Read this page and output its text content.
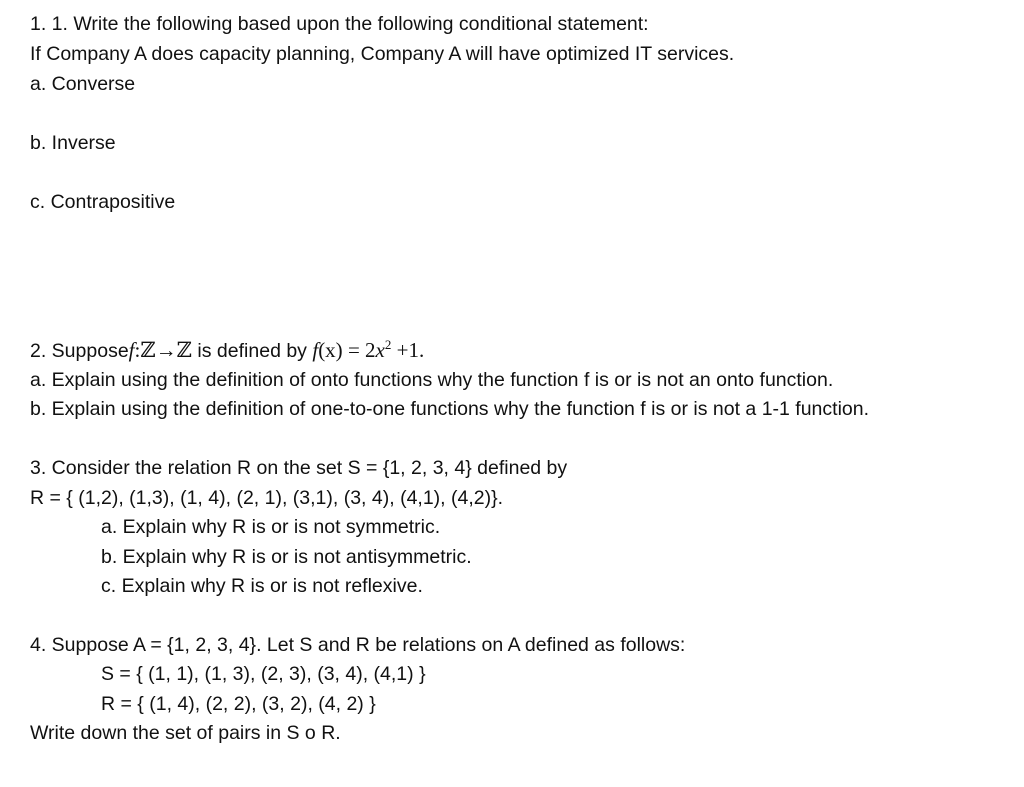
1. 1. Write the following based upon the following conditional statement:
If Company A does capacity planning, Company A will have optimized IT services.
a. Converse
b. Inverse
c. Contrapositive
2. Supposef:ℤ→ℤ is defined by $f(x) = 2x^2 +1$.
a. Explain using the definition of onto functions why the function f is or is not an onto function.
b. Explain using the definition of one-to-one functions why the function f is or is not a 1-1 function.
3. Consider the relation R on the set S = {1, 2, 3, 4} defined by
R = { (1,2), (1,3), (1, 4), (2, 1), (3,1), (3, 4), (4,1), (4,2)}.
a. Explain why R is or is not symmetric.
b. Explain why R is or is not antisymmetric.
c. Explain why R is or is not reflexive.
4. Suppose A = {1, 2, 3, 4}. Let S and R be relations on A defined as follows:
S = { (1, 1), (1, 3), (2, 3), (3, 4), (4,1) }
R = { (1, 4), (2, 2), (3, 2), (4, 2) }
Write down the set of pairs in S o R.
